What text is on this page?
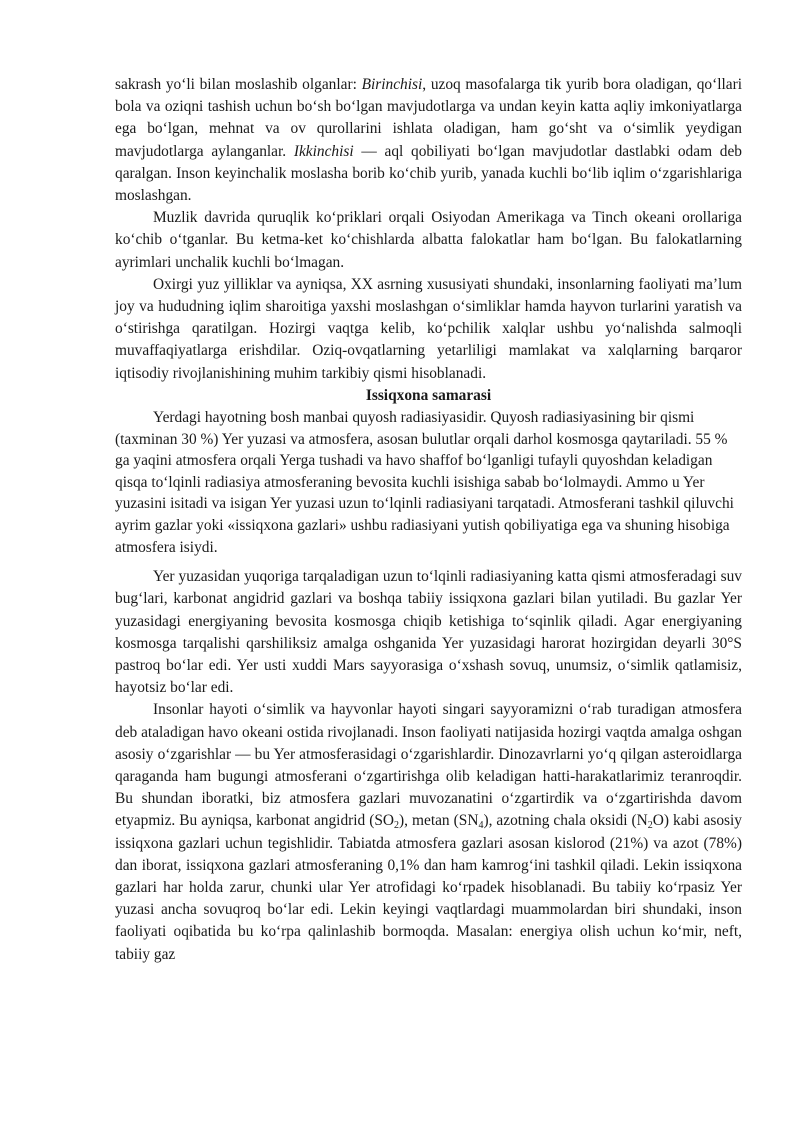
sakrash yo‘li bilan moslashib olganlar: Birinchisi, uzoq masofalarga tik yurib bora oladigan, qo‘llari bola va oziqni tashish uchun bo‘sh bo‘lgan mavjudotlarga va undan keyin katta aqliy imkoniyatlarga ega bo‘lgan, mehnat va ov qurollarini ishlata oladigan, ham go‘sht va o‘simlik yeydigan mavjudotlarga aylanganlar. Ikkinchisi — aql qobiliyati bo‘lgan mavjudotlar dastlabki odam deb qaralgan. Inson keyinchalik moslasha borib ko‘chib yurib, yanada kuchli bo‘lib iqlim o‘zgarishlariga moslashgan.

Muzlik davrida quruqlik ko‘priklari orqali Osiyodan Amerikaga va Tinch okeani orollariga ko‘chib o‘tganlar. Bu ketma-ket ko‘chishlarda albatta falokatlar ham bo‘lgan. Bu falokatlarning ayrimlari unchalik kuchli bo‘lmagan.

Oxirgi yuz yilliklar va ayniqsa, XX asrning xususiyati shundaki, insonlarning faoliyati ma’lum joy va hududning iqlim sharoitiga yaxshi moslashgan o‘simliklar hamda hayvon turlarini yaratish va o‘stirishga qaratilgan. Hozirgi vaqtga kelib, ko‘pchilik xalqlar ushbu yo‘nalishda salmoqli muvaffaqiyatlarga erishdilar. Oziq-ovqatlarning yetarliligi mamlakat va xalqlarning barqaror iqtisodiy rivojlanishining muhim tarkibiy qismi hisoblanadi.

Issiqxona samarasi

Yerdagi hayotning bosh manbai quyosh radiasiyasidir. Quyosh radiasiyasining bir qismi (taxminan 30 %) Yer yuzasi va atmosfera, asosan bulutlar orqali darhol kosmosga qaytariladi. 55 % ga yaqini atmosfera orqali Yerga tushadi va havo shaffof bo‘lganligi tufayli quyoshdan keladigan qisqa to‘lqinli radiasiya atmosferaning bevosita kuchli isishiga sabab bo‘lolmaydi. Ammo u Yer yuzasini isitadi va isigan Yer yuzasi uzun to‘lqinli radiasiyani tarqatadi. Atmosferani tashkil qiluvchi ayrim gazlar yoki «issiqxona gazlari» ushbu radiasiyani yutish qobiliyatiga ega va shuning hisobiga atmosfera isiydi.

Yer yuzasidan yuqoriga tarqaladigan uzun to‘lqinli radiasiyaning katta qismi atmosferadagi suv bug‘lari, karbonat angidrid gazlari va boshqa tabiiy issiqxona gazlari bilan yutiladi. Bu gazlar Yer yuzasidagi energiyaning bevosita kosmosga chiqib ketishiga to‘sqinlik qiladi. Agar energiyaning kosmosga tarqalishi qarshiliksiz amalga oshganida Yer yuzasidagi harorat hozirgidan deyarli 30°S pastroq bo‘lar edi. Yer usti xuddi Mars sayyorasiga o‘xshash sovuq, unumsiz, o‘simlik qatlamisiz, hayotsiz bo‘lar edi.

Insonlar hayoti o‘simlik va hayvonlar hayoti singari sayyoramizni o‘rab turadigan atmosfera deb ataladigan havo okeani ostida rivojlanadi. Inson faoliyati natijasida hozirgi vaqtda amalga oshgan asosiy o‘zgarishlar — bu Yer atmosferasidagi o‘zgarishlardir. Dinozavrlarni yo‘q qilgan asteroidlarga qaraganda ham bugungi atmosferani o‘zgartirishga olib keladigan hatti-harakatlarimiz teranroqdir. Bu shundan iboratki, biz atmosfera gazlari muvozanatini o‘zgartirdik va o‘zgartirishda davom etyapmiz. Bu ayniqsa, karbonat angidrid $(SO_2)$, metan $(SN_4)$, azotning chala oksidi $(N_2O)$ kabi asosiy issiqxona gazlari uchun tegishlidir. Tabiatda atmosfera gazlari asosan kislorod (21%) va azot (78%) dan iborat, issiqxona gazlari atmosferaning 0,1% dan ham kamrog‘ini tashkil qiladi. Lekin issiqxona gazlari har holda zarur, chunki ular Yer atrofidagi ko‘rpadek hisoblanadi. Bu tabiiy ko‘rpasiz Yer yuzasi ancha sovuqroq bo‘lar edi. Lekin keyingi vaqtlardagi muammolardan biri shundaki, inson faoliyati oqibatida bu ko‘rpa qalinlashib bormoqda. Masalan: energiya olish uchun ko‘mir, neft, tabiiy gaz
